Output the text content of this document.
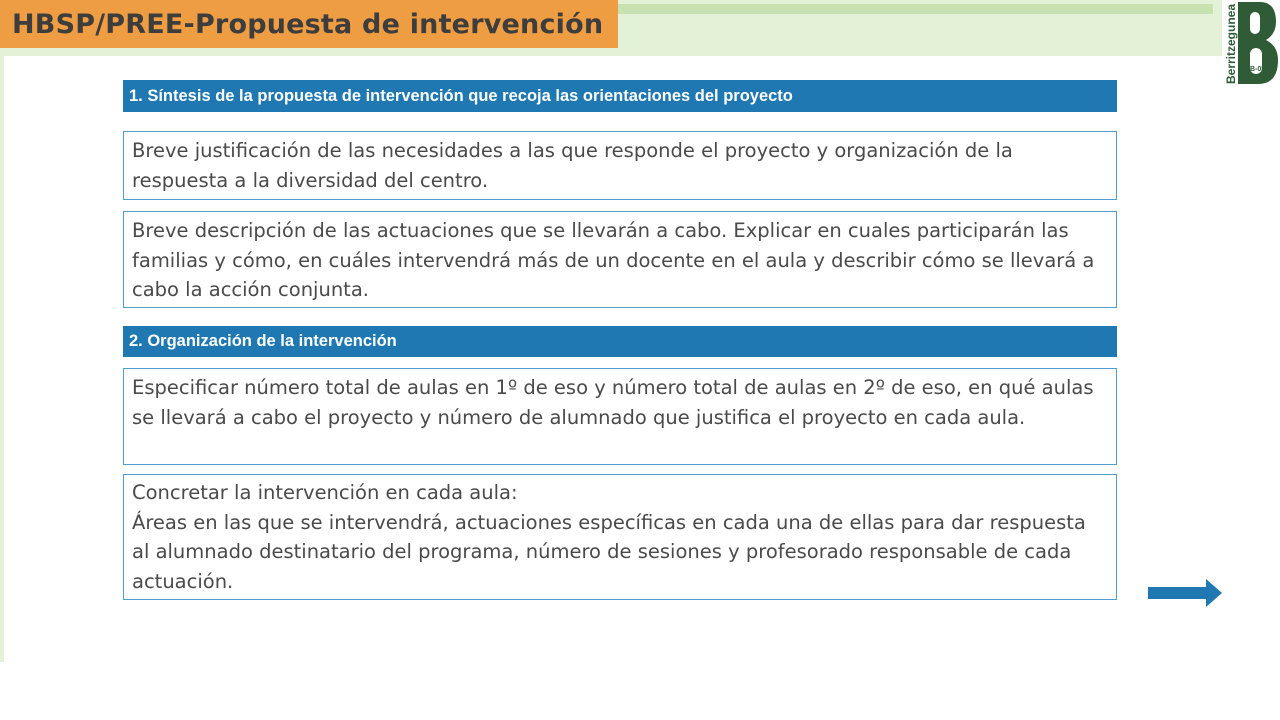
HBSP/PREE-Propuesta de intervención	Berritzegunea B-05
1. Síntesis de la propuesta de intervención que recoja las orientaciones del proyecto
Breve justificación de las necesidades a las que responde el proyecto y organización de la respuesta a la diversidad del centro.
Breve descripción de las actuaciones que se llevarán a cabo. Explicar en cuales participarán las familias y cómo, en cuáles intervendrá más de un docente en el aula y describir cómo se llevará a cabo la acción conjunta.
2. Organización de la intervención
Especificar número total de aulas en 1º de eso y número total de aulas en 2º de eso, en qué aulas se llevará a cabo el proyecto y número de alumnado que justifica el proyecto en cada aula.
Concretar la intervención en cada aula:
Áreas en las que se intervendrá, actuaciones específicas en cada una de ellas para dar respuesta al alumnado destinatario del programa, número de sesiones y profesorado responsable de cada actuación.
